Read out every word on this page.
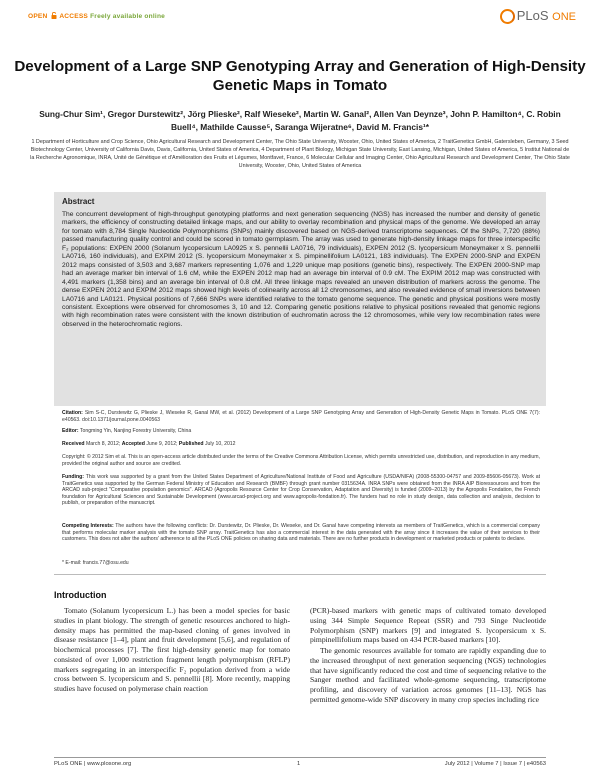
OPEN ACCESS Freely available online	PLoS ONE
Development of a Large SNP Genotyping Array and Generation of High-Density Genetic Maps in Tomato
Sung-Chur Sim¹, Gregor Durstewitz², Jörg Plieske², Ralf Wieseke², Martin W. Ganal², Allen Van Deynze³, John P. Hamilton⁴, C. Robin Buell⁴, Mathilde Causse⁵, Saranga Wijeratne⁶, David M. Francis¹*
1 Department of Horticulture and Crop Science, Ohio Agricultural Research and Development Center, The Ohio State University, Wooster, Ohio, United States of America, 2 TraitGenetics GmbH, Gatersleben, Germany, 3 Seed Biotechnology Center, University of California Davis, Davis, California, United States of America, 4 Department of Plant Biology, Michigan State University, East Lansing, Michigan, United States of America, 5 Institut National de la Recherche Agronomique, INRA, Unité de Génétique et d'Amélioration des Fruits et Légumes, Montfavet, France, 6 Molecular Cellular and Imaging Center, Ohio Agricultural Research and Development Center, The Ohio State University, Wooster, Ohio, United States of America
Abstract
The concurrent development of high-throughput genotyping platforms and next generation sequencing (NGS) has increased the number and density of genetic markers, the efficiency of constructing detailed linkage maps, and our ability to overlay recombination and physical maps of the genome. We developed an array for tomato with 8,784 Single Nucleotide Polymorphisms (SNPs) mainly discovered based on NGS-derived transcriptome sequences. Of the SNPs, 7,720 (88%) passed manufacturing quality control and could be scored in tomato germplasm. The array was used to generate high-density linkage maps for three interspecific F₂ populations: EXPEN 2000 (Solanum lycopersicum LA0925 x S. pennellii LA0716, 79 individuals), EXPEN 2012 (S. lycopersicum Moneymaker x S. pennellii LA0716, 160 individuals), and EXPIM 2012 (S. lycopersicum Moneymaker x S. pimpinellifolium LA0121, 183 individuals). The EXPEN 2000-SNP and EXPEN 2012 maps consisted of 3,503 and 3,687 markers representing 1,076 and 1,229 unique map positions (genetic bins), respectively. The EXPEN 2000-SNP map had an average marker bin interval of 1.6 cM, while the EXPEN 2012 map had an average bin interval of 0.9 cM. The EXPIM 2012 map was constructed with 4,491 markers (1,358 bins) and an average bin interval of 0.8 cM. All three linkage maps revealed an uneven distribution of markers across the genome. The dense EXPEN 2012 and EXPIM 2012 maps showed high levels of colinearity across all 12 chromosomes, and also revealed evidence of small inversions between LA0716 and LA0121. Physical positions of 7,666 SNPs were identified relative to the tomato genome sequence. The genetic and physical positions were mostly consistent. Exceptions were observed for chromosomes 3, 10 and 12. Comparing genetic positions relative to physical positions revealed that genomic regions with high recombination rates were consistent with the known distribution of euchromatin across the 12 chromosomes, while very low recombination rates were observed in the heterochromatic regions.
Citation: Sim S-C, Durstewitz G, Plieske J, Wieseke R, Ganal MW, et al. (2012) Development of a Large SNP Genotyping Array and Generation of High-Density Genetic Maps in Tomato. PLoS ONE 7(7): e40563. doi:10.1371/journal.pone.0040563
Editor: Tongming Yin, Nanjing Forestry University, China
Received March 8, 2012; Accepted June 9, 2012; Published July 10, 2012
Copyright: © 2012 Sim et al. This is an open-access article distributed under the terms of the Creative Commons Attribution License, which permits unrestricted use, distribution, and reproduction in any medium, provided the original author and source are credited.
Funding: This work was supported by a grant from the United States Department of Agriculture/National Institute of Food and Agriculture (USDA/NIFA) (2008-55300-04757 and 2009-85606-05673). Work at TraitGenetics was supported by the German Federal Ministry of Education and Research (BMBF) through grant number 0315634A. INRA SNPs were obtained from the INRA AIP Bioressources and from the ARCAD sub-project "Comparative population genomics". ARCAD (Agropolis Resource Center for Crop Conservation, Adaptation and Diversity) is funded (2009–2013) by the Agropolis Fondation, the French foundation for Agricultural Sciences and Sustainable Development (www.arcad-project.org and www.agropolis-fondation.fr). The funders had no role in study design, data collection and analysis, decision to publish, or preparation of the manuscript.
Competing Interests: The authors have the following conflicts: Dr. Durstewitz, Dr. Plieske, Dr. Wieseke, and Dr. Ganal have competing interests as members of TraitGenetics, which is a commercial company that performs molecular marker analysis with the tomato SNP array. TraitGenetics has also a commercial interest in the data generated with the array since it increases the value of their services to their customers. This does not alter the authors' adherence to all the PLoS ONE policies on sharing data and materials. There are no further products in development or marketed products or patents to declare.
* E-mail: francis.77@osu.edu
Introduction

Tomato (Solanum lycopersicum L.) has been a model species for basic studies in plant biology. The strength of genetic resources anchored to high-density maps has permitted the map-based cloning of genes involved in disease resistance [1–4], plant and fruit development [5,6], and regulation of biochemical processes [7]. The first high-density genetic map for tomato consisted of over 1,000 restriction fragment length polymorphism (RFLP) markers segregating in an interspecific F₂ population derived from a wide cross between S. lycopersicum and S. pennellii [8]. More recently, mapping studies have focused on polymerase chain reaction

(PCR)-based markers with genetic maps of cultivated tomato developed using 344 Simple Sequence Repeat (SSR) and 793 Singe Nucleotide Polymorphism (SNP) markers [9] and integrated S. lycopersicum x S. pimpinellifolium maps based on 434 PCR-based markers [10].

The genomic resources available for tomato are rapidly expanding due to the increased throughput of next generation sequencing (NGS) technologies that have significantly reduced the cost and time of sequencing relative to the Sanger method and facilitated whole-genome sequencing, transcriptome profiling, and discovery of variation across genomes [11–13]. NGS has permitted genome-wide SNP discovery in many crop species including rice

PLoS ONE | www.plosone.org	1	July 2012 | Volume 7 | Issue 7 | e40563
